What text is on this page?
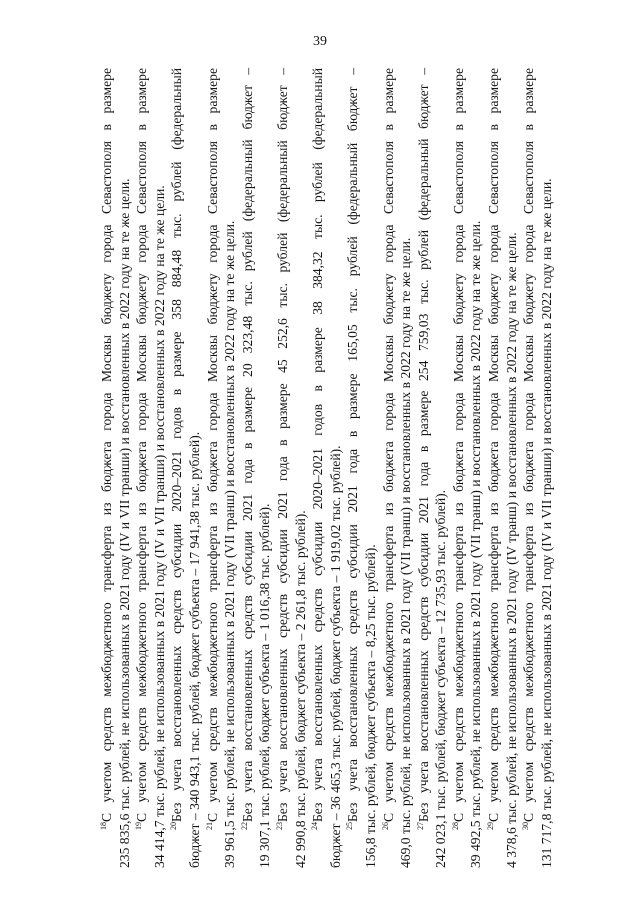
39
$^{18}$С учетом средств межбюджетного трансферта из бюджета города Москвы бюджету города Севастополя в размере 235 835,6 тыс. рублей, не использованных в 2021 году (IV и VII транши) и восстановленных в 2022 году на те же цели. $^{19}$С учетом средств межбюджетного трансферта из бюджета города Москвы бюджету города Севастополя в размере 34 414,7 тыс. рублей, не использованных в 2021 году (IV и VII транши) и восстановленных в 2022 году на те же цели. $^{20}$Без учета восстановленных средств субсидии 2020–2021 годов в размере 358 884,48 тыс. рублей (федеральный бюджет – 340 943,1 тыс. рублей, бюджет субъекта – 17 941,38 тыс. рублей). $^{21}$С учетом средств межбюджетного трансферта из бюджета города Москвы бюджету города Севастополя в размере 39 961,5 тыс. рублей, не использованных в 2021 году (VII транш) и восстановленных в 2022 году на те же цели. $^{22}$Без учета восстановленных средств субсидии 2021 года в размере 20 323,48 тыс. рублей (федеральный бюджет – 19 307,1 тыс. рублей, бюджет субъекта – 1 016,38 тыс. рублей). $^{23}$Без учета восстановленных средств субсидии 2021 года в размере 45 252,6 тыс. рублей (федеральный бюджет – 42 990,8 тыс. рублей, бюджет субъекта – 2 261,8 тыс. рублей). $^{24}$Без учета восстановленных средств субсидии 2020–2021 годов в размере 38 384,32 тыс. рублей (федеральный бюджет – 36 465,3 тыс. рублей, бюджет субъекта – 1 919,02 тыс. рублей). $^{25}$Без учета восстановленных средств субсидии 2021 года в размере 165,05 тыс. рублей (федеральный бюджет – 156,8 тыс. рублей, бюджет субъекта – 8,25 тыс. рублей). $^{26}$С учетом средств межбюджетного трансферта из бюджета города Москвы бюджету города Севастополя в размере 469,0 тыс. рублей, не использованных в 2021 году (VII транш) и восстановленных в 2022 году на те же цели. $^{27}$Без учета восстановленных средств субсидии 2021 года в размере 254 759,03 тыс. рублей (федеральный бюджет – 242 023,1 тыс. рублей, бюджет субъекта – 12 735,93 тыс. рублей). $^{28}$С учетом средств межбюджетного трансферта из бюджета города Москвы бюджету города Севастополя в размере 39 492,5 тыс. рублей, не использованных в 2021 году (VII транш) и восстановленных в 2022 году на те же цели. $^{29}$С учетом средств межбюджетного трансферта из бюджета города Москвы бюджету города Севастополя в размере 4 378,6 тыс. рублей, не использованных в 2021 году (IV транш) и восстановленных в 2022 году на те же цели. $^{30}$С учетом средств межбюджетного трансферта из бюджета города Москвы бюджету города Севастополя в размере 131 717,8 тыс. рублей, не использованных в 2021 году (IV и VII транши) и восстановленных в 2022 году на те же цели.
